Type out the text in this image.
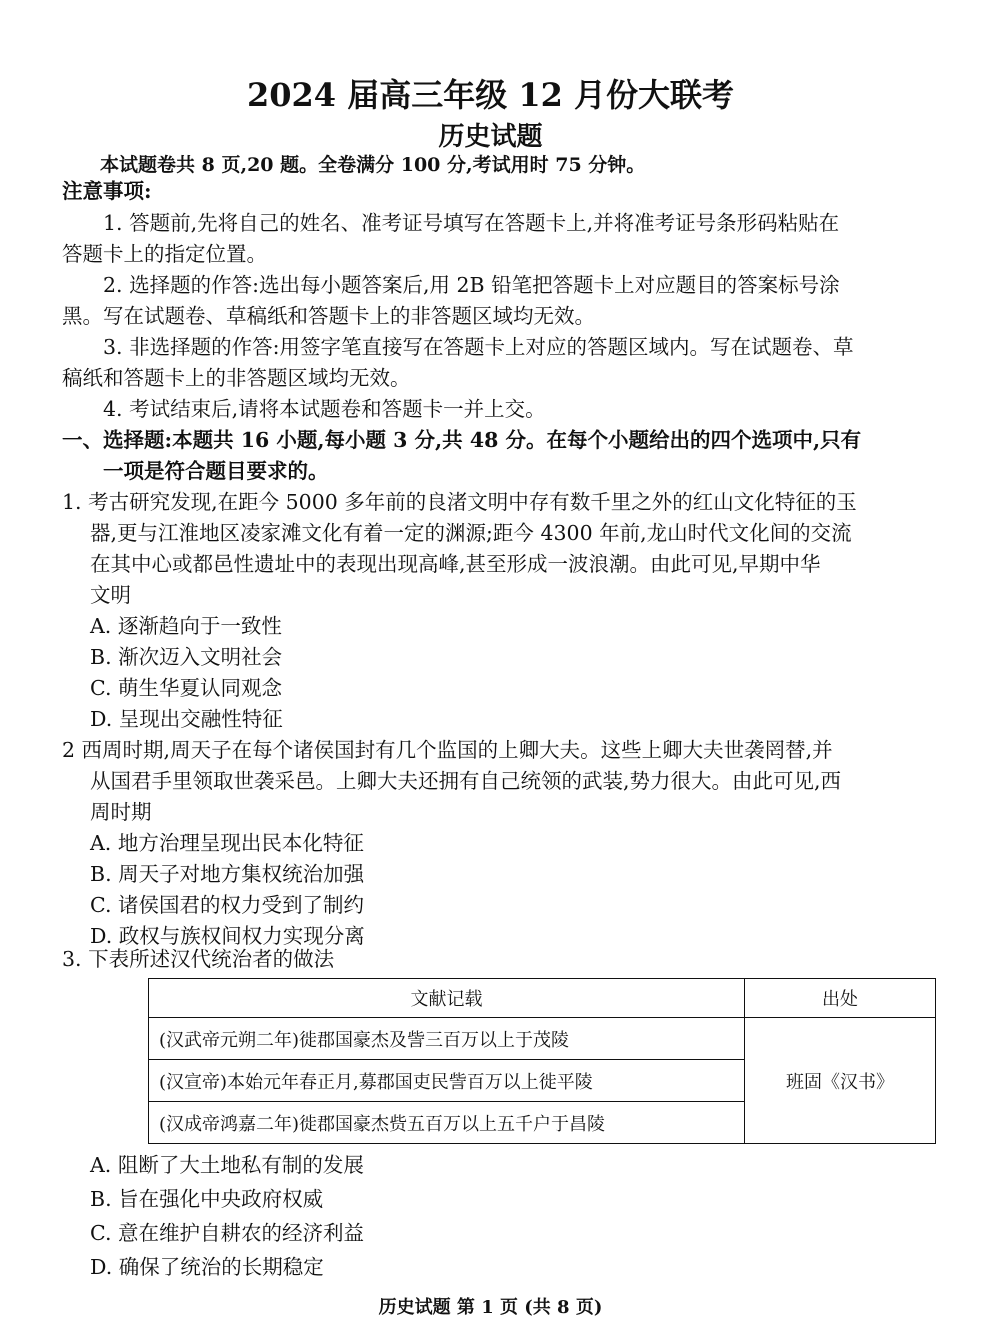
2024 届高三年级 12 月份大联考
历史试题
本试题卷共 8 页,20 题。全卷满分 100 分,考试用时 75 分钟。
注意事项:
1. 答题前,先将自己的姓名、准考证号填写在答题卡上,并将准考证号条形码粘贴在
答题卡上的指定位置。
2. 选择题的作答:选出每小题答案后,用 2B 铅笔把答题卡上对应题目的答案标号涂
黑。写在试题卷、草稿纸和答题卡上的非答题区域均无效。
3. 非选择题的作答:用签字笔直接写在答题卡上对应的答题区域内。写在试题卷、草
稿纸和答题卡上的非答题区域均无效。
4. 考试结束后,请将本试题卷和答题卡一并上交。
一、选择题:本题共 16 小题,每小题 3 分,共 48 分。在每个小题给出的四个选项中,只有
一项是符合题目要求的。
1. 考古研究发现,在距今 5000 多年前的良渚文明中存有数千里之外的红山文化特征的玉
器,更与江淮地区凌家滩文化有着一定的渊源;距今 4300 年前,龙山时代文化间的交流
在其中心或都邑性遗址中的表现出现高峰,甚至形成一波浪潮。由此可见,早期中华
文明
A. 逐渐趋向于一致性
B. 渐次迈入文明社会
C. 萌生华夏认同观念
D. 呈现出交融性特征
2 西周时期,周天子在每个诸侯国封有几个监国的上卿大夫。这些上卿大夫世袭罔替,并
从国君手里领取世袭采邑。上卿大夫还拥有自己统领的武装,势力很大。由此可见,西
周时期
A. 地方治理呈现出民本化特征
B. 周天子对地方集权统治加强
C. 诸侯国君的权力受到了制约
D. 政权与族权间权力实现分离
3. 下表所述汉代统治者的做法
文献记载	出处
(汉武帝元朔二年)徙郡国豪杰及訾三百万以上于茂陵	班固《汉书》
(汉宣帝)本始元年春正月,募郡国吏民訾百万以上徙平陵	
(汉成帝鸿嘉二年)徙郡国豪杰赀五百万以上五千户于昌陵	
A. 阻断了大土地私有制的发展
B. 旨在强化中央政府权威
C. 意在维护自耕农的经济利益
D. 确保了统治的长期稳定
历史试题 第 1 页 (共 8 页)
